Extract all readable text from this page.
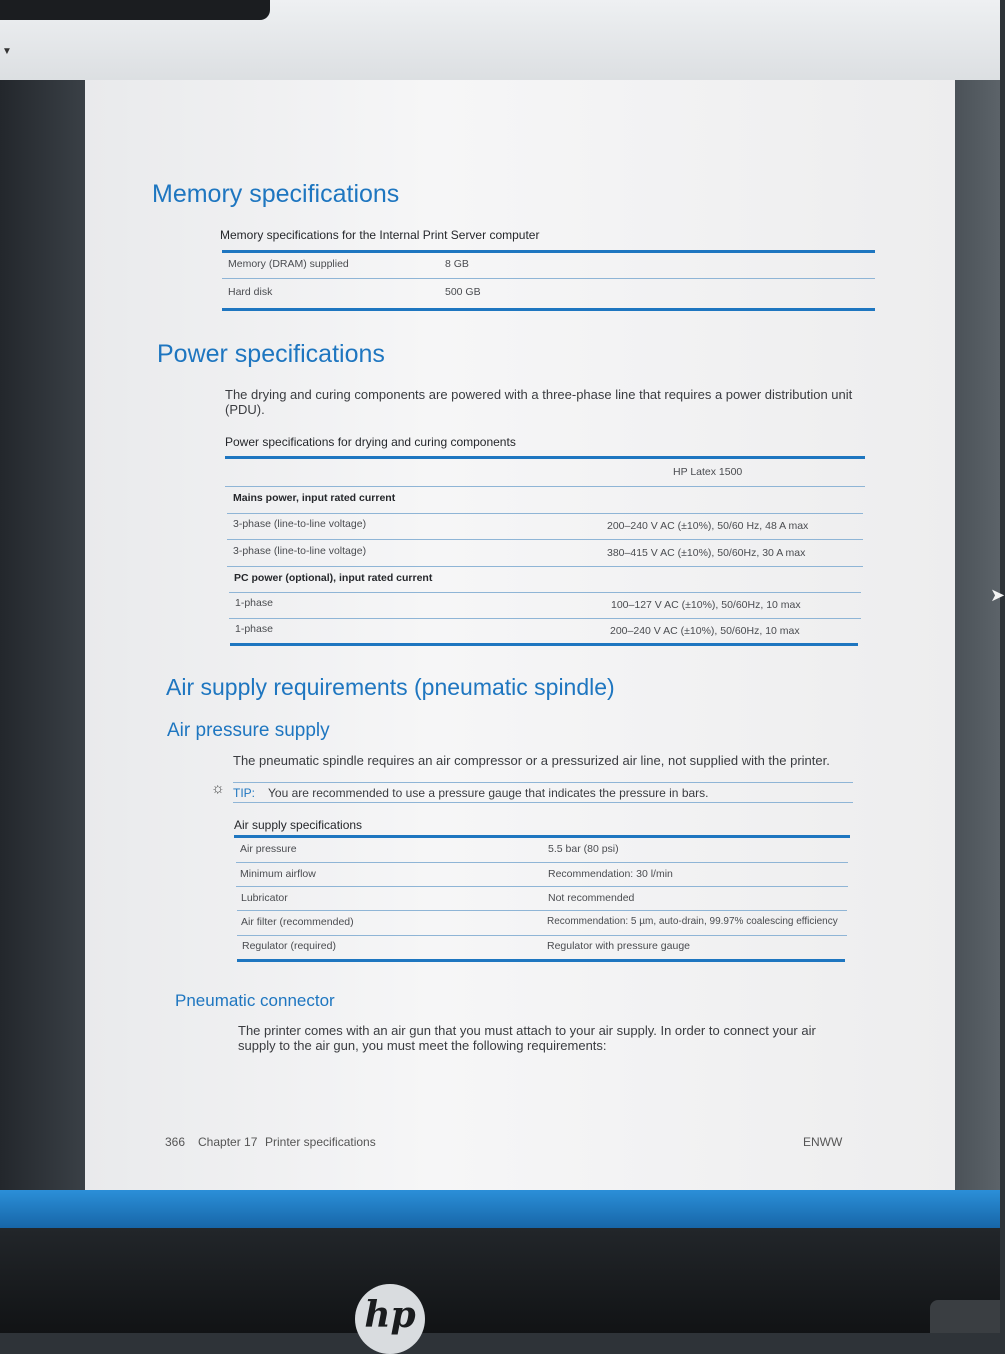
▼
➤
Memory specifications
Memory specifications for the Internal Print Server computer
Memory (DRAM) supplied	8 GB
Hard disk	500 GB
Power specifications
The drying and curing components are powered with a three-phase line that requires a power distribution unit (PDU).
Power specifications for drying and curing components
HP Latex 1500
Mains power, input rated current
3-phase (line-to-line voltage)	200–240 V AC (±10%), 50/60 Hz, 48 A max
3-phase (line-to-line voltage)	380–415 V AC (±10%), 50/60Hz, 30 A max
PC power (optional), input rated current
1-phase	100–127 V AC (±10%), 50/60Hz, 10 max
1-phase	200–240 V AC (±10%), 50/60Hz, 10 max
Air supply requirements (pneumatic spindle)
Air pressure supply
The pneumatic spindle requires an air compressor or a pressurized air line, not supplied with the printer.
☼ TIP: You are recommended to use a pressure gauge that indicates the pressure in bars.
Air supply specifications
Air pressure	5.5 bar (80 psi)
Minimum airflow	Recommendation: 30 l/min
Lubricator	Not recommended
Air filter (recommended)	Recommendation: 5 µm, auto-drain, 99.97% coalescing efficiency
Regulator (required)	Regulator with pressure gauge
Pneumatic connector
The printer comes with an air gun that you must attach to your air supply. In order to connect your air supply to the air gun, you must meet the following requirements:
366 Chapter 17 Printer specifications	ENWW
hp
